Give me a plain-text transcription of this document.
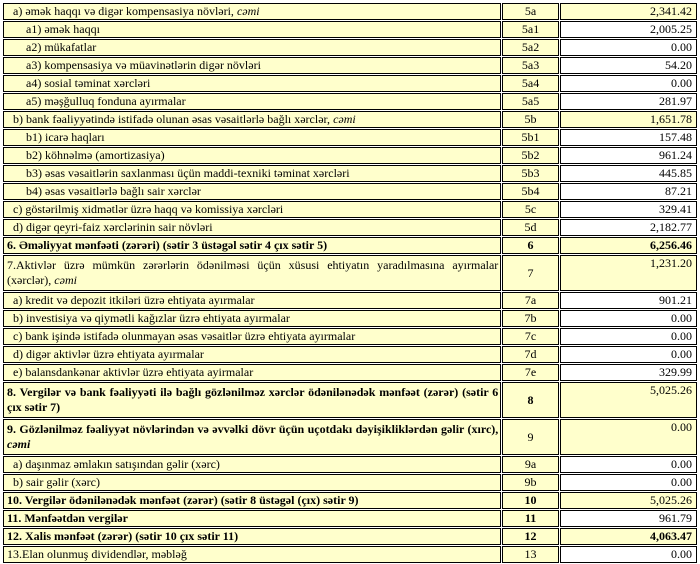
a) əmək haqqı və digər kompensasiya növləri, cəmi	5a	2,341.42
a1) əmək haqqı	5a1	2,005.25
a2) mükafatlar	5a2	0.00
a3) kompensasiya və müavinətlərin digər növləri	5a3	54.20
a4) sosial təminat xərcləri	5a4	0.00
a5) məşğulluq fonduna ayırmalar	5a5	281.97
b) bank fəaliyyətində istifadə olunan əsas vəsaitlərlə bağlı xərclər, cəmi	5b	1,651.78
b1) icarə haqları	5b1	157.48
b2) köhnəlmə (amortizasiya)	5b2	961.24
b3) əsas vəsaitlərin saxlanması üçün maddi-texniki təminat xərcləri	5b3	445.85
b4) əsas vəsaitlərlə bağlı sair xərclər	5b4	87.21
c) göstərilmiş xidmətlər üzrə haqq və komissiya xərcləri	5c	329.41
d) digər qeyri-faiz xərclərinin sair növləri	5d	2,182.77
6. Əməliyyat mənfəəti (zərəri) (sətir 3 üstəgəl sətir 4 çıx sətir 5)	6	6,256.46
7.Aktivlər üzrə mümkün zərərlərin ödənilməsi üçün xüsusi ehtiyatın yaradılmasına ayırmalar (xərclər), cəmi	7	1,231.20
a) kredit və depozit itkiləri üzrə ehtiyata ayırmalar	7a	901.21
b) investisiya və qiymətli kağızlar üzrə ehtiyata ayırmalar	7b	0.00
c) bank işində istifadə olunmayan əsas vəsaitlər üzrə ehtiyata ayırmalar	7c	0.00
d) digər aktivlər üzrə ehtiyata ayırmalar	7d	0.00
e) balansdankənar aktivlər üzrə ehtiyata ayirmalar	7e	329.99
8. Vergilər və bank fəaliyyəti ilə bağlı gözlənilməz xərclər ödənilənədək mənfəət (zərər) (sətir 6 çıx sətir 7)	8	5,025.26
9. Gözlənilməz fəaliyyət növlərindən və əvvəlki dövr üçün uçotdakı dəyişikliklərdən gəlir (xırc), cəmi	9	0.00
a) daşınmaz əmlakın satışından gəlir (xərc)	9a	0.00
b) sair gəlir (xərc)	9b	0.00
10. Vergilər ödənilənədək mənfəət (zərər) (sətir 8 üstəgəl (çıx) sətir 9)	10	5,025.26
11. Mənfəətdən vergilər	11	961.79
12. Xalis mənfəət (zərər) (sətir 10 çıx sətir 11)	12	4,063.47
13.Elan olunmuş dividendlər, məbləğ	13	0.00
